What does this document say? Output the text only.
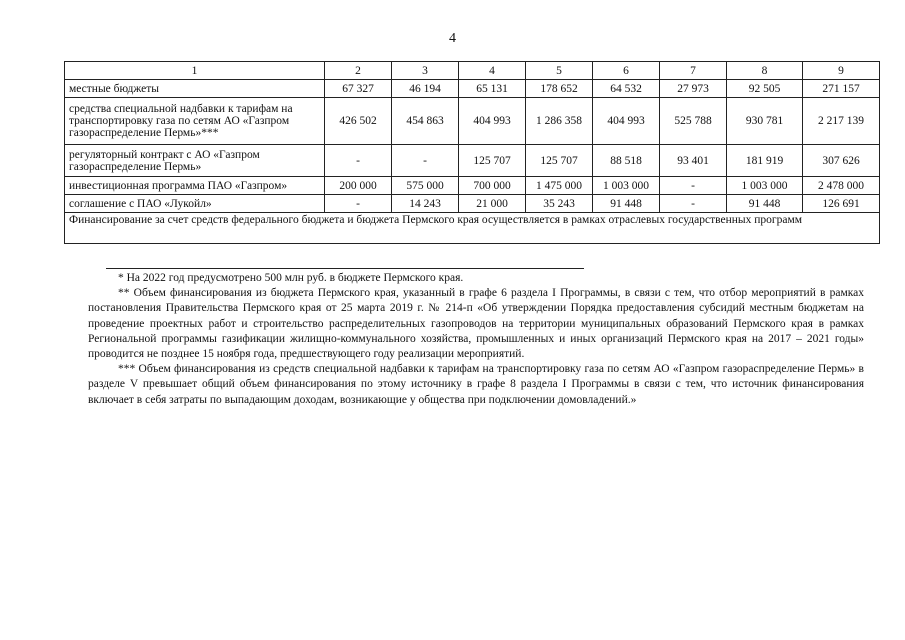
4
1	2	3	4	5	6	7	8	9
местные бюджеты	67 327	46 194	65 131	178 652	64 532	27 973	92 505	271 157
средства специальной надбавки к тарифам на транспортировку газа по сетям АО «Газпром газораспределение Пермь»***	426 502	454 863	404 993	1 286 358	404 993	525 788	930 781	2 217 139
регуляторный контракт с АО «Газпром газораспределение Пермь»	-	-	125 707	125 707	88 518	93 401	181 919	307 626
инвестиционная программа ПАО «Газпром»	200 000	575 000	700 000	1 475 000	1 003 000	-	1 003 000	2 478 000
соглашение с ПАО «Лукойл»	-	14 243	21 000	35 243	91 448	-	91 448	126 691
Финансирование за счет средств федерального бюджета и бюджета Пермского края осуществляется в рамках отраслевых государственных программ								

* На 2022 год предусмотрено 500 млн руб. в бюджете Пермского края.

** Объем финансирования из бюджета Пермского края, указанный в графе 6 раздела I Программы, в связи с тем, что отбор мероприятий в рамках постановления Правительства Пермского края от 25 марта 2019 г. № 214-п «Об утверждении Порядка предоставления субсидий местным бюджетам на проведение проектных работ и строительство распределительных газопроводов на территории муниципальных образований Пермского края в рамках Региональной программы газификации жилищно-коммунального хозяйства, промышленных и иных организаций Пермского края на 2017 – 2021 годы» проводится не позднее 15 ноября года, предшествующего году реализации мероприятий.

*** Объем финансирования из средств специальной надбавки к тарифам на транспортировку газа по сетям АО «Газпром газораспределение Пермь» в разделе V превышает общий объем финансирования по этому источнику в графе 8 раздела I Программы в связи с тем, что источник финансирования включает в себя затраты по выпадающим доходам, возникающие у общества при подключении домовладений.»
